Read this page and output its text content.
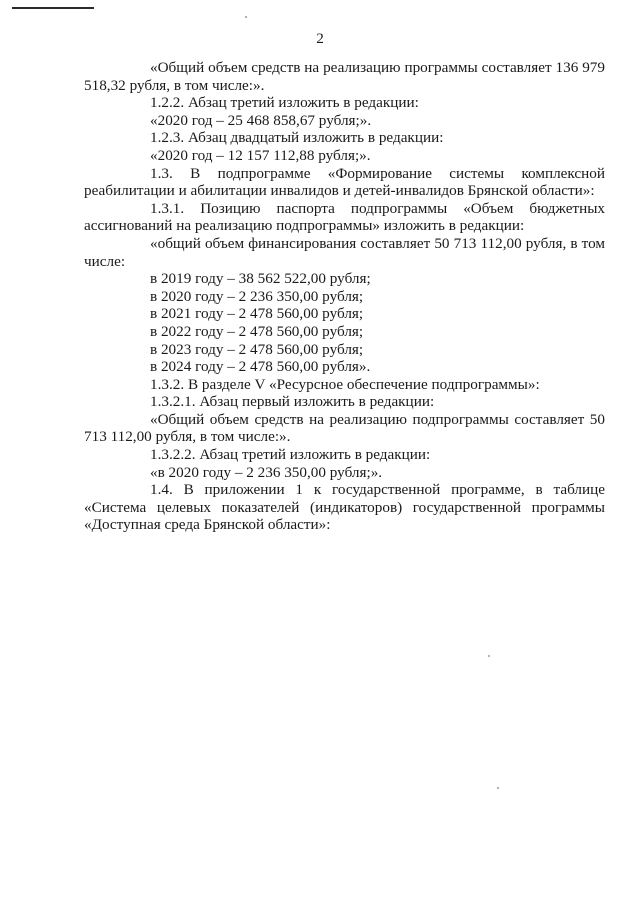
2

«Общий объем средств на реализацию программы составляет 136 979 518,32 рубля, в том числе:».

1.2.2. Абзац третий изложить в редакции:

«2020 год – 25 468 858,67 рубля;».

1.2.3. Абзац двадцатый изложить в редакции:

«2020 год – 12 157 112,88 рубля;».

1.3. В подпрограмме «Формирование системы комплексной реабилитации и абилитации инвалидов и детей-инвалидов Брянской области»:

1.3.1. Позицию паспорта подпрограммы «Объем бюджетных ассигнований на реализацию подпрограммы» изложить в редакции:

«общий объем финансирования составляет 50 713 112,00 рубля, в том числе:

в 2019 году – 38 562 522,00 рубля;

в 2020 году – 2 236 350,00 рубля;

в 2021 году – 2 478 560,00 рубля;

в 2022 году – 2 478 560,00 рубля;

в 2023 году – 2 478 560,00 рубля;

в 2024 году – 2 478 560,00 рубля».

1.3.2. В разделе V «Ресурсное обеспечение подпрограммы»:

1.3.2.1. Абзац первый изложить в редакции:

«Общий объем средств на реализацию подпрограммы составляет 50 713 112,00 рубля, в том числе:».

1.3.2.2. Абзац третий изложить в редакции:

«в 2020 году – 2 236 350,00 рубля;».

1.4. В приложении 1 к государственной программе, в таблице «Система целевых показателей (индикаторов) государственной программы «Доступная среда Брянской области»:
